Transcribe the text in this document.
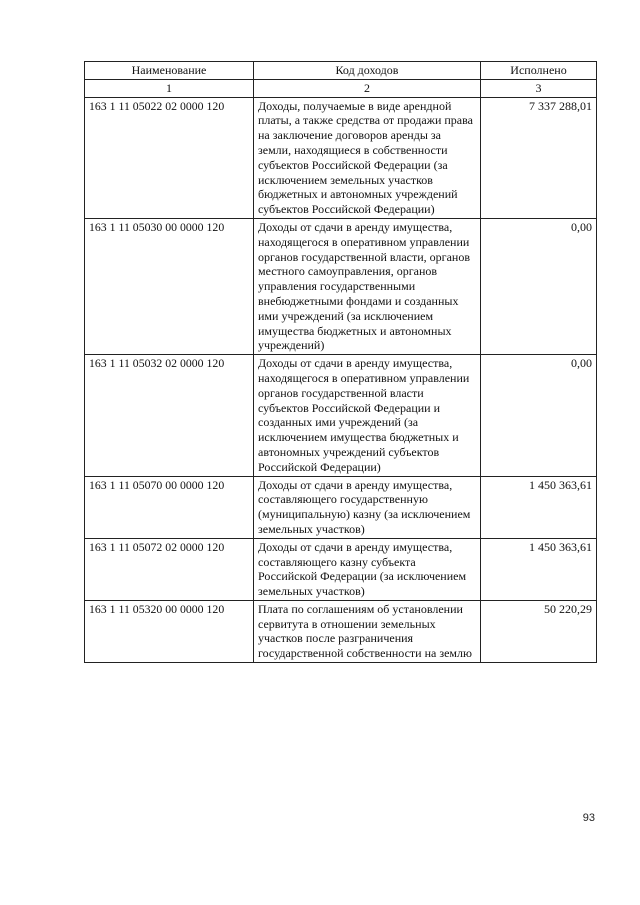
Наименование	Код доходов	Исполнено
1	2	3
163 1 11 05022 02 0000 120	Доходы, получаемые в виде арендной платы, а также средства от продажи права на заключение договоров аренды за земли, находящиеся в собственности субъектов Российской Федерации (за исключением земельных участков бюджетных и автономных учреждений субъектов Российской Федерации)	7 337 288,01
163 1 11 05030 00 0000 120	Доходы от сдачи в аренду имущества, находящегося в оперативном управлении органов государственной власти, органов местного самоуправления, органов управления государственными внебюджетными фондами и созданных ими учреждений (за исключением имущества бюджетных и автономных учреждений)	0,00
163 1 11 05032 02 0000 120	Доходы от сдачи в аренду имущества, находящегося в оперативном управлении органов государственной власти субъектов Российской Федерации и созданных ими учреждений (за исключением имущества бюджетных и автономных учреждений субъектов Российской Федерации)	0,00
163 1 11 05070 00 0000 120	Доходы от сдачи в аренду имущества, составляющего государственную (муниципальную) казну (за исключением земельных участков)	1 450 363,61
163 1 11 05072 02 0000 120	Доходы от сдачи в аренду имущества, составляющего казну субъекта Российской Федерации (за исключением земельных участков)	1 450 363,61
163 1 11 05320 00 0000 120	Плата по соглашениям об установлении сервитута в отношении земельных участков после разграничения государственной собственности на землю	50 220,29
93
